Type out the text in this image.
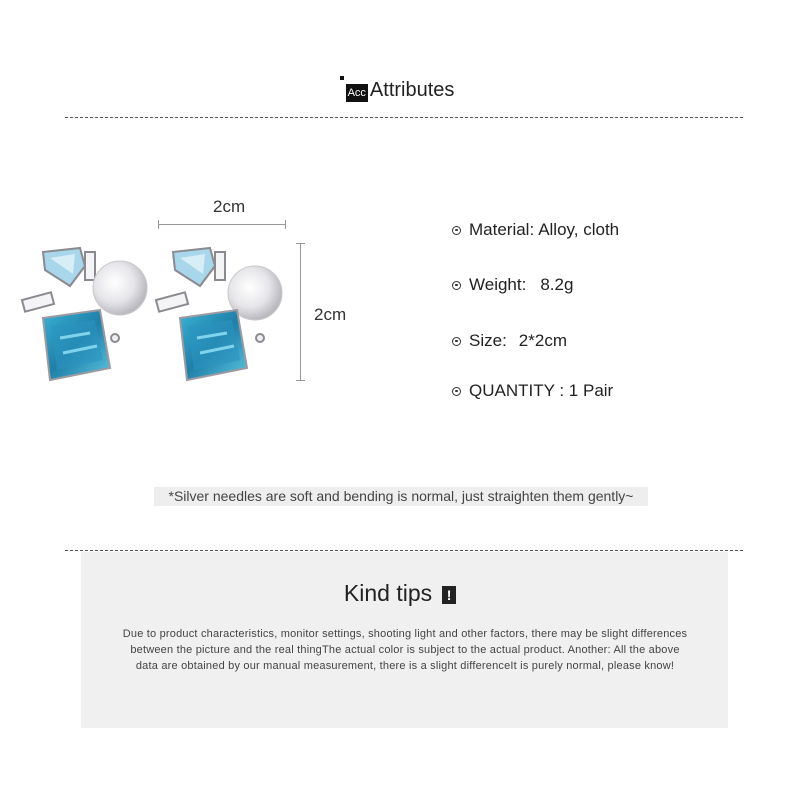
Acc Attributes
2cm
2cm
Material: Alloy, cloth
Weight: 8.2g
Size: 2*2cm
QUANTITY : 1 Pair
*Silver needles are soft and bending is normal, just straighten them gently~
Kind tips !
Due to product characteristics, monitor settings, shooting light and other factors, there may be slight differences between the picture and the real thingThe actual color is subject to the actual product. Another: All the above data are obtained by our manual measurement, there is a slight differenceIt is purely normal, please know!
